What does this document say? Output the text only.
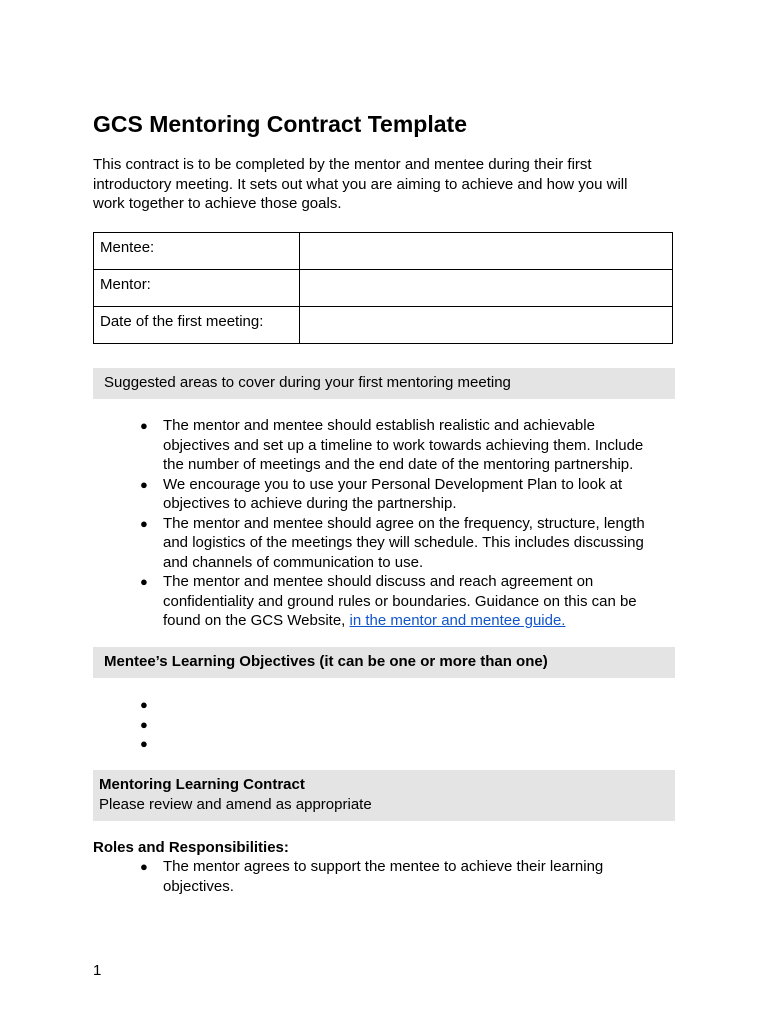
GCS Mentoring Contract Template

This contract is to be completed by the mentor and mentee during their first introductory meeting. It sets out what you are aiming to achieve and how you will work together to achieve those goals.

Mentee:	
Mentor:	
Date of the first meeting:	
Suggested areas to cover during your first mentoring meeting
● The mentor and mentee should establish realistic and achievable objectives and set up a timeline to work towards achieving them. Include the number of meetings and the end date of the mentoring partnership.
● We encourage you to use your Personal Development Plan to look at objectives to achieve during the partnership.
● The mentor and mentee should agree on the frequency, structure, length and logistics of the meetings they will schedule. This includes discussing and channels of communication to use.
● The mentor and mentee should discuss and reach agreement on confidentiality and ground rules or boundaries. Guidance on this can be found on the GCS Website, in the mentor and mentee guide.
Mentee’s Learning Objectives (it can be one or more than one)
●

●

●

Mentoring Learning Contract
Please review and amend as appropriate
Roles and Responsibilities:
● The mentor agrees to support the mentee to achieve their learning objectives.
1
